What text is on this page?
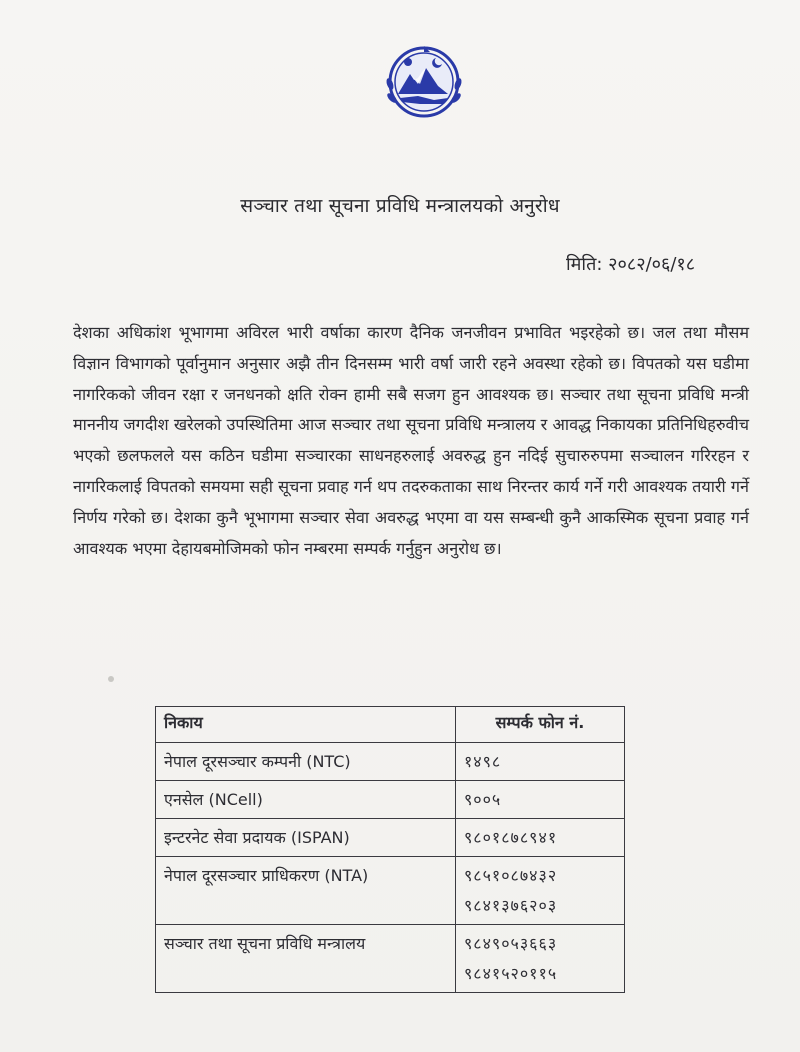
सञ्चार तथा सूचना प्रविधि मन्त्रालयको अनुरोध
मिति: २०८२/०६/१८
देशका अधिकांश भूभागमा अविरल भारी वर्षाका कारण दैनिक जनजीवन प्रभावित भइरहेको छ। जल तथा मौसम विज्ञान विभागको पूर्वानुमान अनुसार अझै तीन दिनसम्म भारी वर्षा जारी रहने अवस्था रहेको छ। विपतको यस घडीमा नागरिकको जीवन रक्षा र जनधनको क्षति रोक्न हामी सबै सजग हुन आवश्यक छ। सञ्चार तथा सूचना प्रविधि मन्त्री माननीय जगदीश खरेलको उपस्थितिमा आज सञ्चार तथा सूचना प्रविधि मन्त्रालय र आवद्ध निकायका प्रतिनिधिहरुवीच भएको छलफलले यस कठिन घडीमा सञ्चारका साधनहरुलाई अवरुद्ध हुन नदिई सुचारुरुपमा सञ्चालन गरिरहन र नागरिकलाई विपतको समयमा सही सूचना प्रवाह गर्न थप तदरुकताका साथ निरन्तर कार्य गर्ने गरी आवश्यक तयारी गर्ने निर्णय गरेको छ। देशका कुनै भूभागमा सञ्चार सेवा अवरुद्ध भएमा वा यस सम्बन्धी कुनै आकस्मिक सूचना प्रवाह गर्न आवश्यक भएमा देहायबमोजिमको फोन नम्बरमा सम्पर्क गर्नुहुन अनुरोध छ।
निकाय	सम्पर्क फोन नं.

नेपाल दूरसञ्चार कम्पनी (NTC)	१४९८

एनसेल (NCell)	९००५

इन्टरनेट सेवा प्रदायक (ISPAN)	९८०१८७८९४१

नेपाल दूरसञ्चार प्राधिकरण (NTA)	९८५१०८७४३२
९८४१३७६२०३

सञ्चार तथा सूचना प्रविधि मन्त्रालय	९८४९०५३६६३
९८४१५२०११५
